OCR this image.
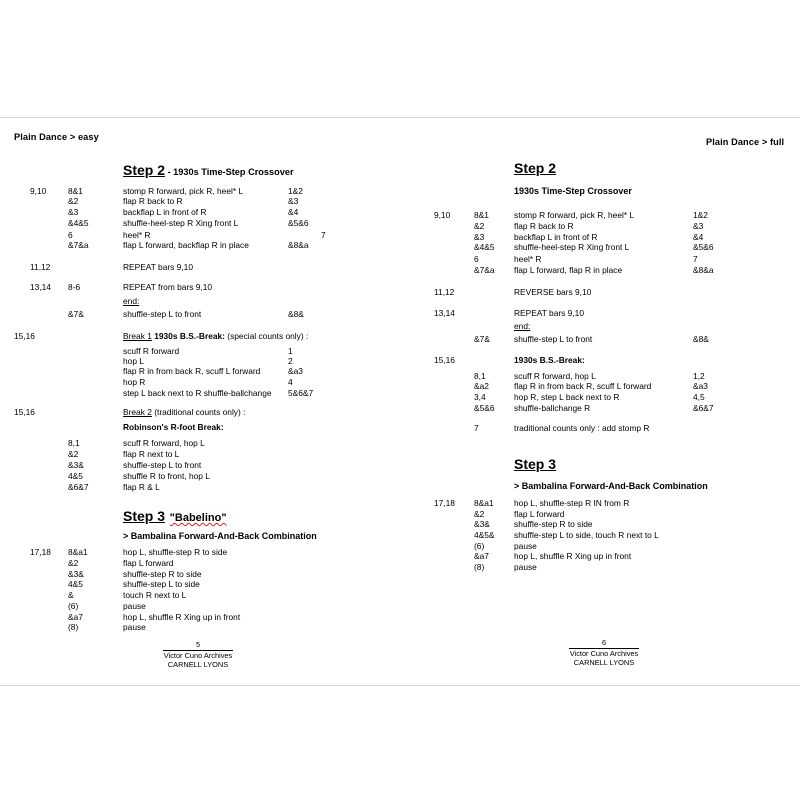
Plain Dance > easy
Step 2 - 1930s Time-Step Crossover
9,10	8&1	stomp R forward, pick R, heel* L	1&2
&2	flap R back to R	&3
&3	backflap L in front of R	&4
&4&5	shuffle-heel-step R Xing front L	&5&6
6	heel* R	7
&7&a	flap L forward, backflap R in place	&8&a
11,12	REPEAT bars 9,10
13,14 8-6	REPEAT from bars 9,10
end:
&7&	shuffle-step L to front	&8&
15,16	Break 1 1930s B.S.-Break: (special counts only) :
scuff R forward	1
hop L	2
flap R in from back R, scuff L forward	&a3
hop R	4
step L back next to R shuffle-ballchange 5&6&7
15,16	Break 2 (traditional counts only) :
Robinson's R-foot Break:
8,1	scuff R forward, hop L
&2	flap R next to L
&3&	shuffle-step L to front
4&5	shuffle R to front, hop L
&6&7	flap R & L
Step 3 "Babelino"
> Bambalina Forward-And-Back Combination
17,18 8&a1	hop L, shuffle-step R to side
&2	flap L forward
&3&	shuffle-step R to side
4&5	shuffle-step L to side
&	touch R next to L
(6)	pause
&a7	hop L, shuffle R Xing up in front
(8)	pause
5
Victor Cuno Archives
CARNELL LYONS
Plain Dance > full
Step 2
1930s Time-Step Crossover
9,10	8&1	stomp R forward, pick R, heel* L	1&2
&2	flap R back to R	&3
&3	backflap L in front of R	&4
&4&5 shuffle-heel-step R Xing front L	&5&6
6	heel* R	7
&7&a flap L forward, flap R in place	&8&a
11,12	REVERSE bars 9,10
13,14	REPEAT bars 9,10
end:
&7&	shuffle-step L to front	&8&
15,16	1930s B.S.-Break:
8,1	scuff R forward, hop L	1,2
&a2	flap R in from back R, scuff L forward	&a3
3,4	hop R, step L back next to R	4,5
&5&6 shuffle-ballchange R	&6&7
7	traditional counts only : add stomp R
Step 3
> Bambalina Forward-And-Back Combination
17,18 8&a1 hop L, shuffle-step R IN from R
&2	flap L forward
&3&	shuffle-step R to side
4&5& shuffle-step L to side, touch R next to L
(6)	pause
&a7	hop L, shuffle R Xing up in front
(8)	pause
6
Victor Cuno Archives
CARNELL LYONS
